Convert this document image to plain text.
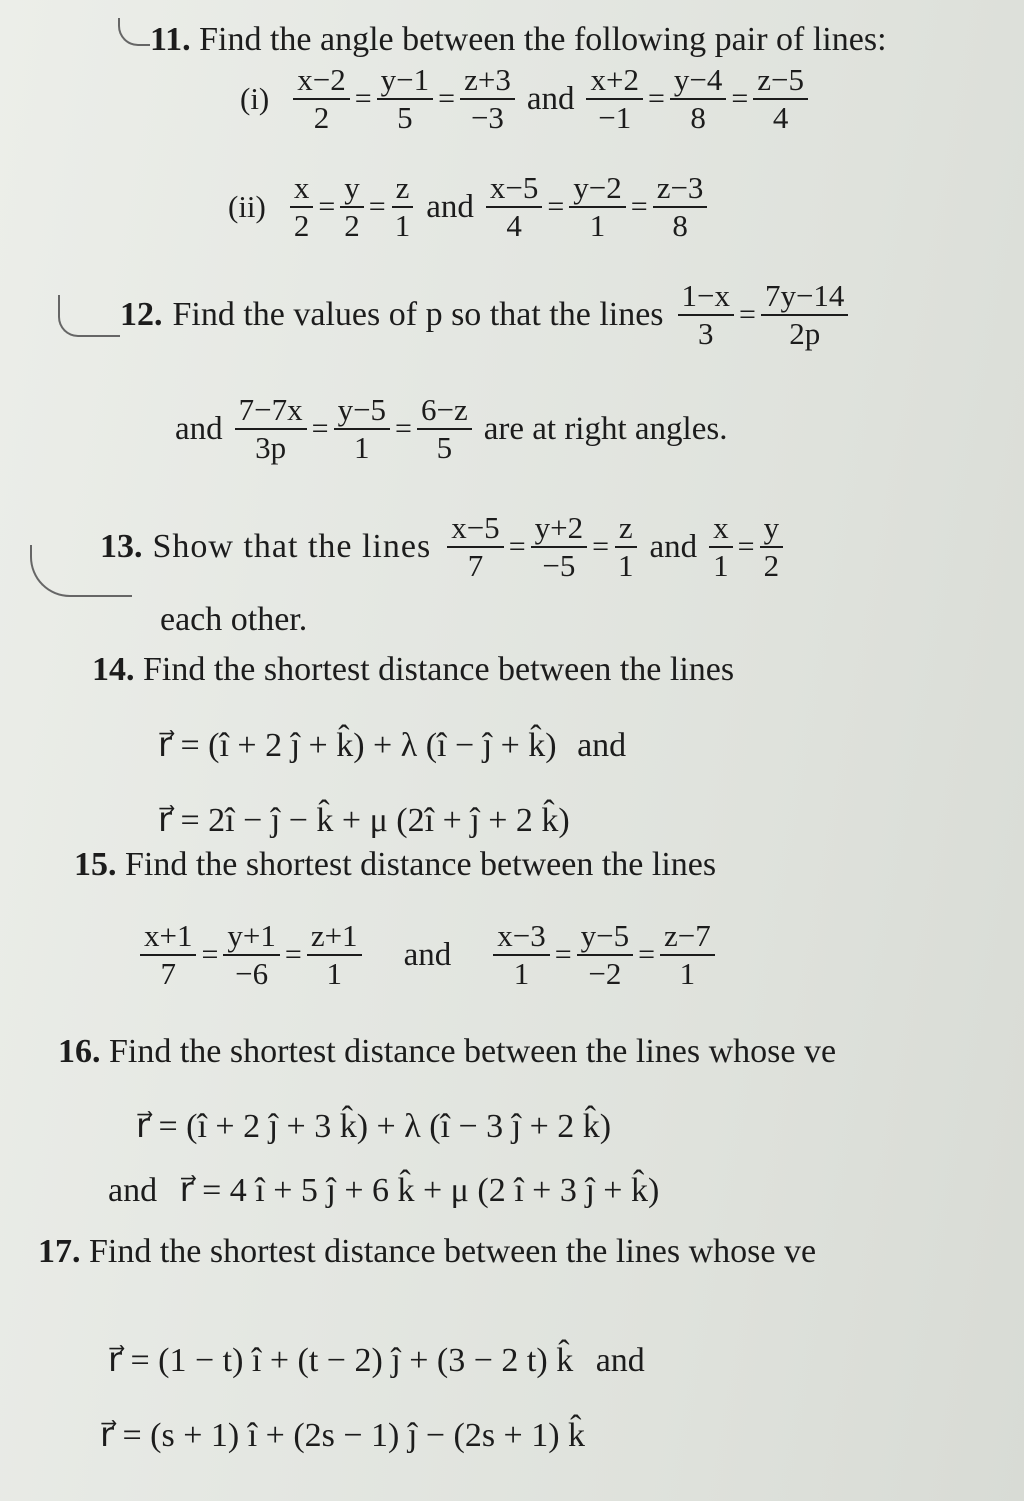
11. Find the angle between the following pair of lines:
$(i) \frac{x-2}{2} = \frac{y-1}{5} = \frac{z+3}{-3}$ and $\frac{x+2}{-1} = \frac{y-4}{8} = \frac{z-5}{4}$
$(ii) \frac{x}{2} = \frac{y}{2} = \frac{z}{1}$ and $\frac{x-5}{4} = \frac{y-2}{1} = \frac{z-3}{8}$
12. Find the values of p so that the lines $\frac{1-x}{3} = \frac{7y-14}{2p}$
and $\frac{7-7x}{3p} = \frac{y-5}{1} = \frac{6-z}{5}$ are at right angles.
13. Show that the lines $\frac{x-5}{7} = \frac{y+2}{-5} = \frac{z}{1}$ and $\frac{x}{1} = \frac{y}{2}$
each other.
14. Find the shortest distance between the lines
r⃗ = (î + 2 ĵ + k̂) + λ (î − ĵ + k̂) and
r⃗ = 2î − ĵ − k̂ + μ (2î + ĵ + 2 k̂)
15. Find the shortest distance between the lines
$\frac{x+1}{7} = \frac{y+1}{-6} = \frac{z+1}{1}$ and $\frac{x-3}{1} = \frac{y-5}{-2} = \frac{z-7}{1}$
16. Find the shortest distance between the lines whose ve
r⃗ = (î + 2 ĵ + 3 k̂) + λ (î − 3 ĵ + 2 k̂)
and r⃗ = 4 î + 5 ĵ + 6 k̂ + μ (2 î + 3 ĵ + k̂)
17. Find the shortest distance between the lines whose ve
r⃗ = (1 − t) î + (t − 2) ĵ + (3 − 2 t) k̂ and
r⃗ = (s + 1) î + (2s − 1) ĵ − (2s + 1) k̂
